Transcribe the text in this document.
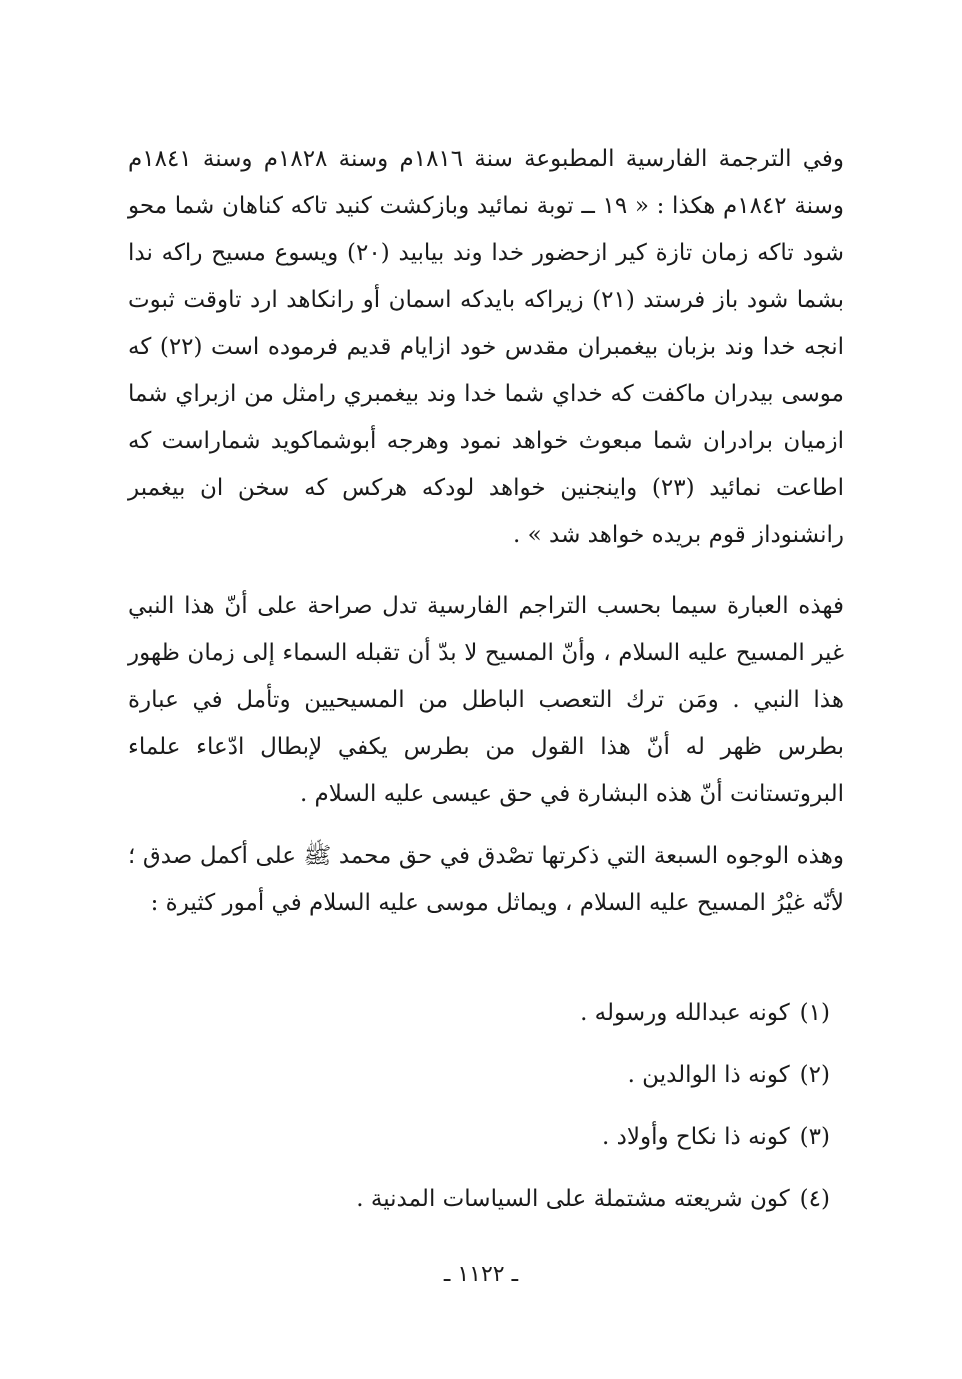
وفي الترجمة الفارسية المطبوعة سنة ١٨١٦م وسنة ١٨٢٨م وسنة ١٨٤١م وسنة ١٨٤٢م هكذا : « ١٩ ــ توبة نمائيد وبازكشت كنيد تاكه كناهان شما محو شود تاكه زمان تازة كير ازحضور خدا وند بيابيد (٢٠) ويسوع مسيح راكه ندا بشما شود باز فرستد (٢١) زيراكه بايدكه اسمان أو رانكاهد ارد تاوقت ثبوت انجه خدا وند بزبان بيغمبران مقدس خود ازايام قديم فرموده است (٢٢) كه موسى بيدران ماكفت كه خداي شما خدا وند بيغمبري رامثل من ازبراي شما ازميان برادران شما مبعوث خواهد نمود وهرجه أبوشماكويد شماراست كه اطاعت نمائيد (٢٣) واينجنين خواهد لودكه هركس كه سخن ان بيغمبر رانشنوداز قوم بريده خواهد شد » .

فهذه العبارة سيما بحسب التراجم الفارسية تدل صراحة على أنّ هذا النبي غير المسيح عليه السلام ، وأنّ المسيح لا بدّ أن تقبله السماء إلى زمان ظهور هذا النبي . ومَن ترك التعصب الباطل من المسيحيين وتأمل في عبارة بطرس ظهر له أنّ هذا القول من بطرس يكفي لإبطال ادّعاء علماء البروتستانت أنّ هذه البشارة في حق عيسى عليه السلام .

وهذه الوجوه السبعة التي ذكرتها تصْدق في حق محمد ﷺ على أكمل صدق ؛ لأنّه غيْرُ المسيح عليه السلام ، ويماثل موسى عليه السلام في أمور كثيرة :

(١)كونه عبدالله ورسوله .
(٢)كونه ذا الوالدين .
(٣)كونه ذا نكاح وأولاد .
(٤)كون شريعته مشتملة على السياسات المدنية .
ـ ١١٢٢ ـ
